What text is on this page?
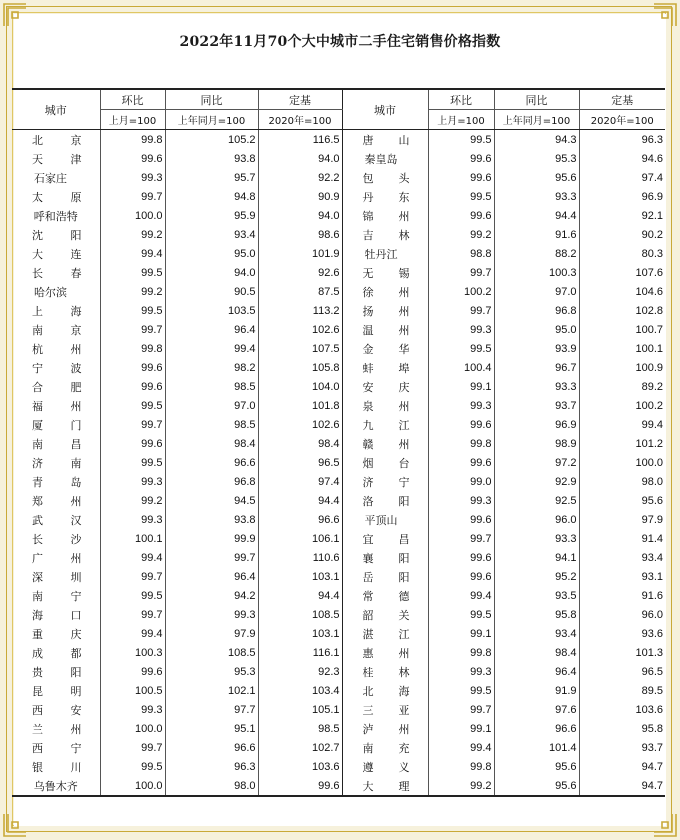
2022年11月70个大中城市二手住宅销售价格指数
城市	环比	同比	定基	城市	环比	同比	定基
	上月=100	上年同月=100	2020年=100		上月=100	上年同月=100	2020年=100

北 京	99.8	105.2	116.5	唐 山	99.5	94.3	96.3

天 津	99.6	93.8	94.0	秦皇岛	99.6	95.3	94.6

石家庄	99.3	95.7	92.2	包 头	99.6	95.6	97.4

太 原	99.7	94.8	90.9	丹 东	99.5	93.3	96.9

呼和浩特	100.0	95.9	94.0	锦 州	99.6	94.4	92.1

沈 阳	99.2	93.4	98.6	吉 林	99.2	91.6	90.2

大 连	99.4	95.0	101.9	牡丹江	98.8	88.2	80.3

长 春	99.5	94.0	92.6	无 锡	99.7	100.3	107.6

哈尔滨	99.2	90.5	87.5	徐 州	100.2	97.0	104.6

上 海	99.5	103.5	113.2	扬 州	99.7	96.8	102.8

南 京	99.7	96.4	102.6	温 州	99.3	95.0	100.7

杭 州	99.8	99.4	107.5	金 华	99.5	93.9	100.1

宁 波	99.6	98.2	105.8	蚌 埠	100.4	96.7	100.9

合 肥	99.6	98.5	104.0	安 庆	99.1	93.3	89.2

福 州	99.5	97.0	101.8	泉 州	99.3	93.7	100.2

厦 门	99.7	98.5	102.6	九 江	99.6	96.9	99.4

南 昌	99.6	98.4	98.4	赣 州	99.8	98.9	101.2

济 南	99.5	96.6	96.5	烟 台	99.6	97.2	100.0

青 岛	99.3	96.8	97.4	济 宁	99.0	92.9	98.0

郑 州	99.2	94.5	94.4	洛 阳	99.3	92.5	95.6

武 汉	99.3	93.8	96.6	平顶山	99.6	96.0	97.9

长 沙	100.1	99.9	106.1	宜 昌	99.7	93.3	91.4

广 州	99.4	99.7	110.6	襄 阳	99.6	94.1	93.4

深 圳	99.7	96.4	103.1	岳 阳	99.6	95.2	93.1

南 宁	99.5	94.2	94.4	常 德	99.4	93.5	91.6

海 口	99.7	99.3	108.5	韶 关	99.5	95.8	96.0

重 庆	99.4	97.9	103.1	湛 江	99.1	93.4	93.6

成 都	100.3	108.5	116.1	惠 州	99.8	98.4	101.3

贵 阳	99.6	95.3	92.3	桂 林	99.3	96.4	96.5

昆 明	100.5	102.1	103.4	北 海	99.5	91.9	89.5

西 安	99.3	97.7	105.1	三 亚	99.7	97.6	103.6

兰 州	100.0	95.1	98.5	泸 州	99.1	96.6	95.8

西 宁	99.7	96.6	102.7	南 充	99.4	101.4	93.7

银 川	99.5	96.3	103.6	遵 义	99.8	95.6	94.7

乌鲁木齐	100.0	98.0	99.6	大 理	99.2	95.6	94.7
